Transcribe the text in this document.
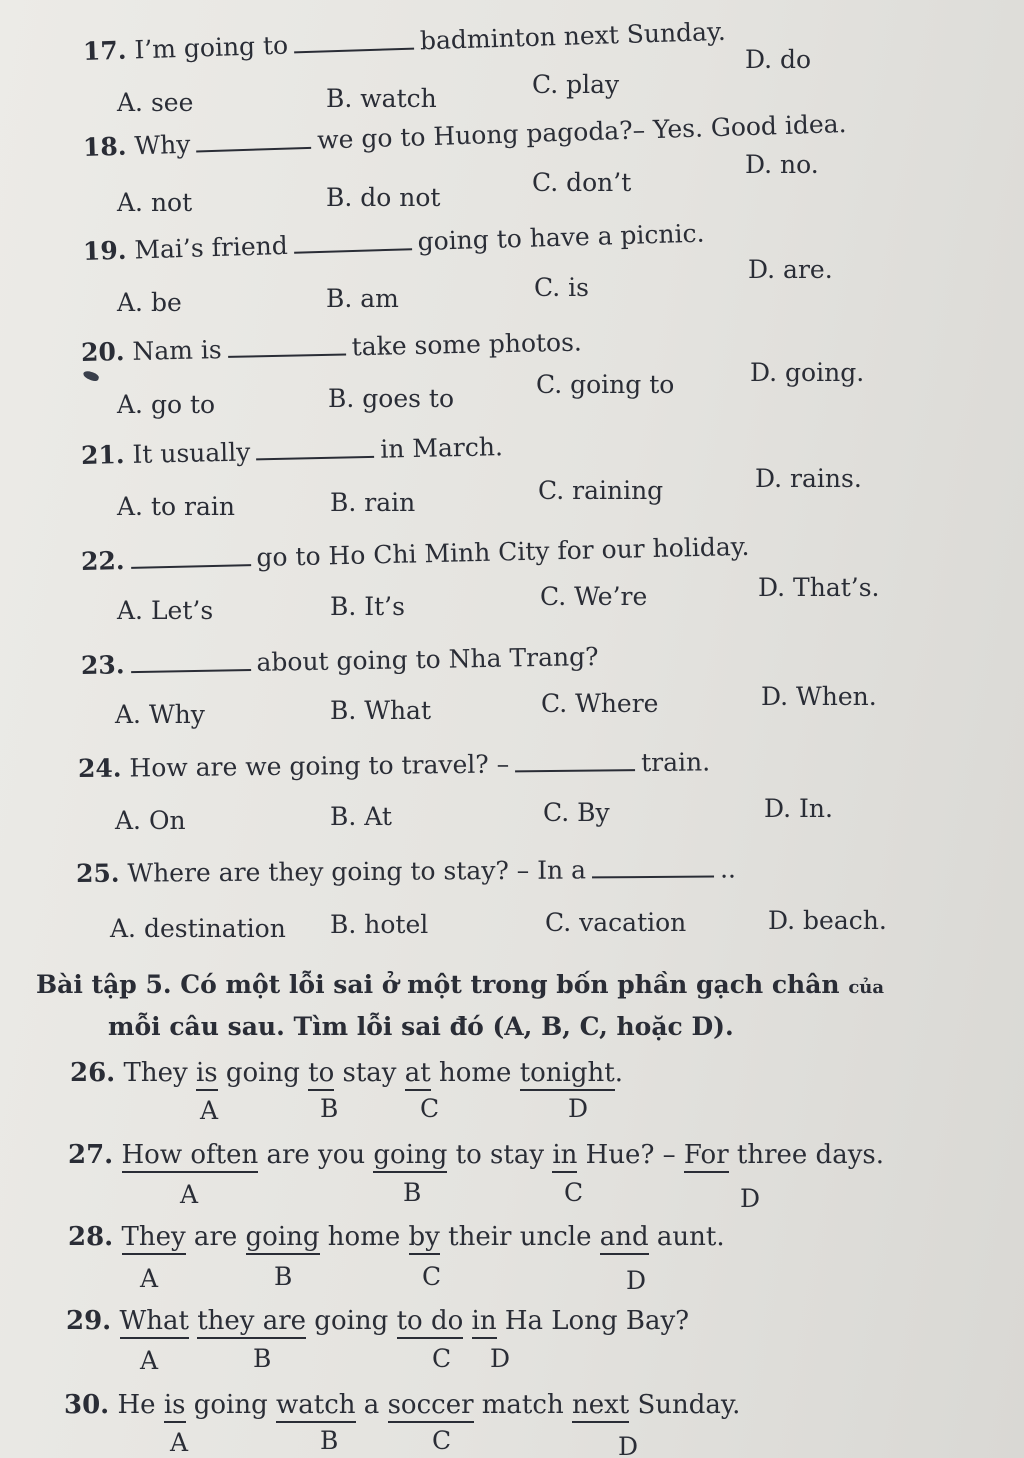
17. I’m going to	badminton next Sunday.
A. see	B. watch	C. play
D. do
18. Why	we go to Huong pagoda?– Yes. Good idea.
A. not	B. do not
C. don’t
D. no.
19. Mai’s friend	going to have a picnic.
A. be	B. am	C. is
D. are.
20. Nam is	take some photos.
A. go to	B. goes to	C. going to	D. going.
21. It usually	in March.
A. to rain	B. rain	C. raining	D. rains.
22.	go to Ho Chi Minh City for our holiday.
A. Let’s	B. It’s	C. We’re	D. That’s.
23.	about going to Nha Trang?
A. Why	B. What	C. Where	D. When.
24. How are we going to travel? –	train.
A. On	B. At	C. By	D. In.
25. Where are they going to stay? – In a	..
A. destination B. hotel	C. vacation	D. beach.
Bài tập 5. Có một lỗi sai ở một trong bốn phần gạch chân của
mỗi câu sau. Tìm lỗi sai đó (A, B, C, hoặc D).
26. They is going to stay at home tonight.
A	B	C	D
27. How often are you going to stay in Hue? – For three days.
A	B	C	D
28. They are going home by their uncle and aunt.
A	B	C	D
29. What they are going to do in Ha Long Bay?
A	B	C D
30. He is going watch a soccer match next Sunday.
A	B	C	D
